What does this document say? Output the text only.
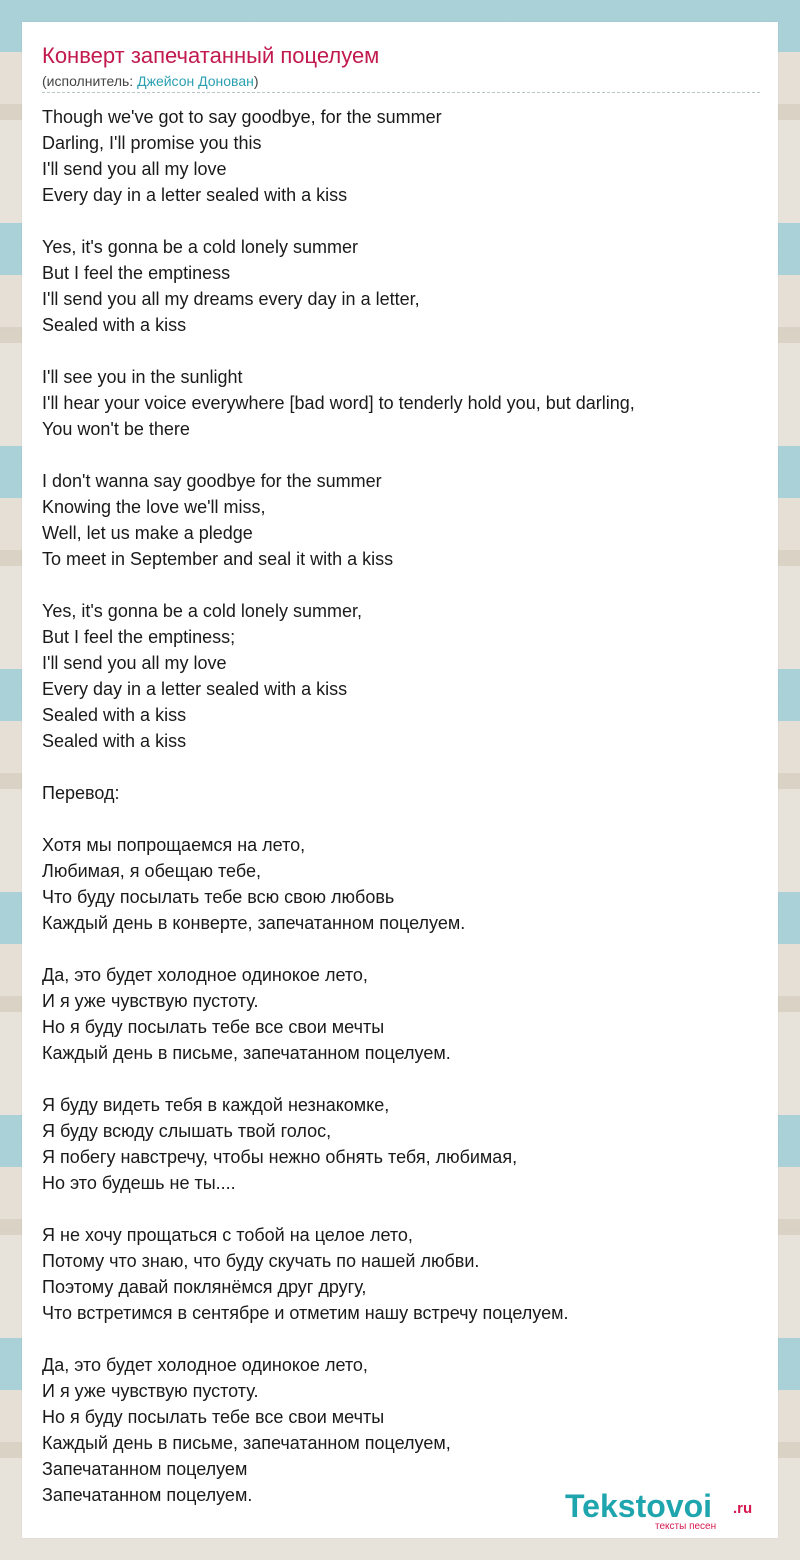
Конверт запечатанный поцелуем
(исполнитель: Джейсон Донован)
Though we've got to say goodbye, for the summer
Darling, I'll promise you this
I'll send you all my love
Every day in a letter sealed with a kiss
Yes, it's gonna be a cold lonely summer
But I feel the emptiness
I'll send you all my dreams every day in a letter,
Sealed with a kiss
I'll see you in the sunlight
I'll hear your voice everywhere [bad word] to tenderly hold you, but darling,
You won't be there
I don't wanna say goodbye for the summer
Knowing the love we'll miss,
Well, let us make a pledge
To meet in September and seal it with a kiss
Yes, it's gonna be a cold lonely summer,
But I feel the emptiness;
I'll send you all my love
Every day in a letter sealed with a kiss
Sealed with a kiss
Sealed with a kiss
Перевод:
Хотя мы попрощаемся на лето,
Любимая, я обещаю тебе,
Что буду посылать тебе всю свою любовь
Каждый день в конверте, запечатанном поцелуем.
Да, это будет холодное одинокое лето,
И я уже чувствую пустоту.
Но я буду посылать тебе все свои мечты
Каждый день в письме, запечатанном поцелуем.
Я буду видеть тебя в каждой незнакомке,
Я буду всюду слышать твой голос,
Я побегу навстречу, чтобы нежно обнять тебя, любимая,
Но это будешь не ты....
Я не хочу прощаться с тобой на целое лето,
Потому что знаю, что буду скучать по нашей любви.
Поэтому давай поклянёмся друг другу,
Что встретимся в сентябре и отметим нашу встречу поцелуем.
Да, это будет холодное одинокое лето,
И я уже чувствую пустоту.
Но я буду посылать тебе все свои мечты
Каждый день в письме, запечатанном поцелуем,
Запечатанном поцелуем
Запечатанном поцелуем.	Tekstovoi .ru
тексты песен
